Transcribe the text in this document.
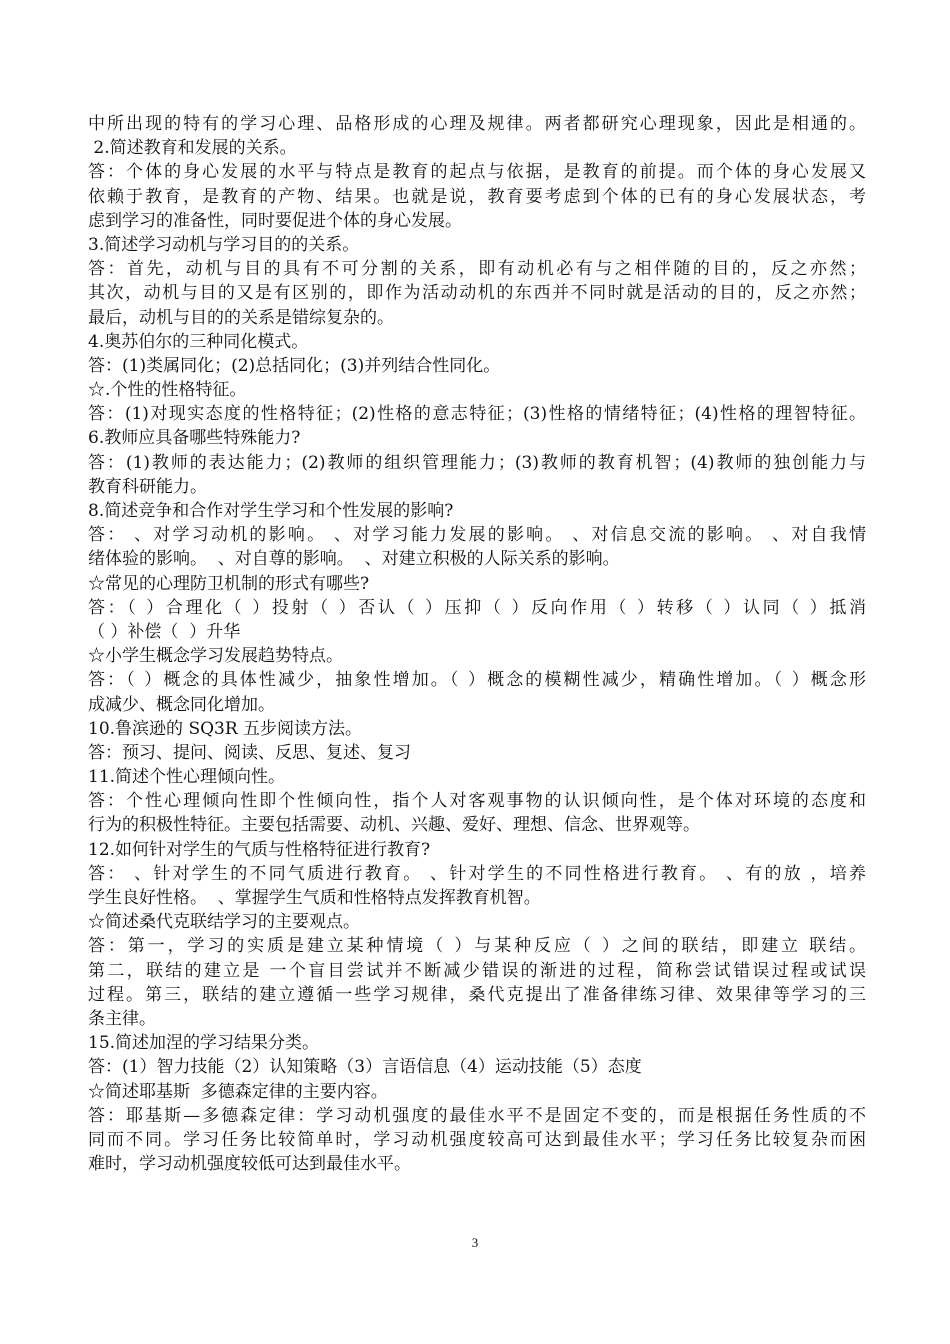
中所出现的特有的学习心理、品格形成的心理及规律。两者都研究心理现象，因此是相通的。
2.简述教育和发展的关系。
答：个体的身心发展的水平与特点是教育的起点与依据，是教育的前提。而个体的身心发展又
依赖于教育，是教育的产物、结果。也就是说，教育要考虑到个体的已有的身心发展状态，考
虑到学习的准备性，同时要促进个体的身心发展。
3.简述学习动机与学习目的的关系。
答：首先，动机与目的具有不可分割的关系，即有动机必有与之相伴随的目的，反之亦然；
其次，动机与目的又是有区别的，即作为活动动机的东西并不同时就是活动的目的，反之亦然；
最后，动机与目的的关系是错综复杂的。
4.奥苏伯尔的三种同化模式。
答：(1)类属同化；(2)总括同化；(3)并列结合性同化。
☆.个性的性格特征。
答：(1)对现实态度的性格特征；(2)性格的意志特征；(3)性格的情绪特征；(4)性格的理智特征。
6.教师应具备哪些特殊能力?
答：(1)教师的表达能力；(2)教师的组织管理能力；(3)教师的教育机智；(4)教师的独创能力与
教育科研能力。
8.简述竞争和合作对学生学习和个性发展的影响?
答： 、对学习动机的影响。 、对学习能力发展的影响。 、对信息交流的影响。 、对自我情
绪体验的影响。  、对自尊的影响。  、对建立积极的人际关系的影响。
☆常见的心理防卫机制的形式有哪些?
答：（ ）合理化（ ）投射（ ）否认（ ）压抑（ ）反向作用（ ）转移（ ）认同（ ）抵消
（ ）补偿（  ）升华
☆小学生概念学习发展趋势特点。
答：（ ）概念的具体性减少，抽象性增加。（ ）概念的模糊性减少，精确性增加。（ ）概念形
成减少、概念同化增加。
10.鲁滨逊的 SQ3R 五步阅读方法。
答：预习、提问、阅读、反思、复述、复习
11.简述个性心理倾向性。
答：个性心理倾向性即个性倾向性，指个人对客观事物的认识倾向性，是个体对环境的态度和
行为的积极性特征。主要包括需要、动机、兴趣、爱好、理想、信念、世界观等。
12.如何针对学生的气质与性格特征进行教育?
答： 、针对学生的不同气质进行教育。 、针对学生的不同性格进行教育。 、有的放 ，培养
学生良好性格。  、掌握学生气质和性格特点发挥教育机智。
☆简述桑代克联结学习的主要观点。
答：第一，学习的实质是建立某种情境（ ）与某种反应（ ）之间的联结，即建立 联结。
第二，联结的建立是 一个盲目尝试并不断减少错误的渐进的过程，简称尝试错误过程或试误
过程。第三，联结的建立遵循一些学习规律，桑代克提出了准备律练习律、效果律等学习的三
条主律。
15.简述加涅的学习结果分类。
答：(1）智力技能（2）认知策略（3）言语信息（4）运动技能（5）态度
☆简述耶基斯  多德森定律的主要内容。
答：耶基斯—多德森定律：学习动机强度的最佳水平不是固定不变的，而是根据任务性质的不
同而不同。学习任务比较简单时，学习动机强度较高可达到最佳水平；学习任务比较复杂而困
难时，学习动机强度较低可达到最佳水平。
3
